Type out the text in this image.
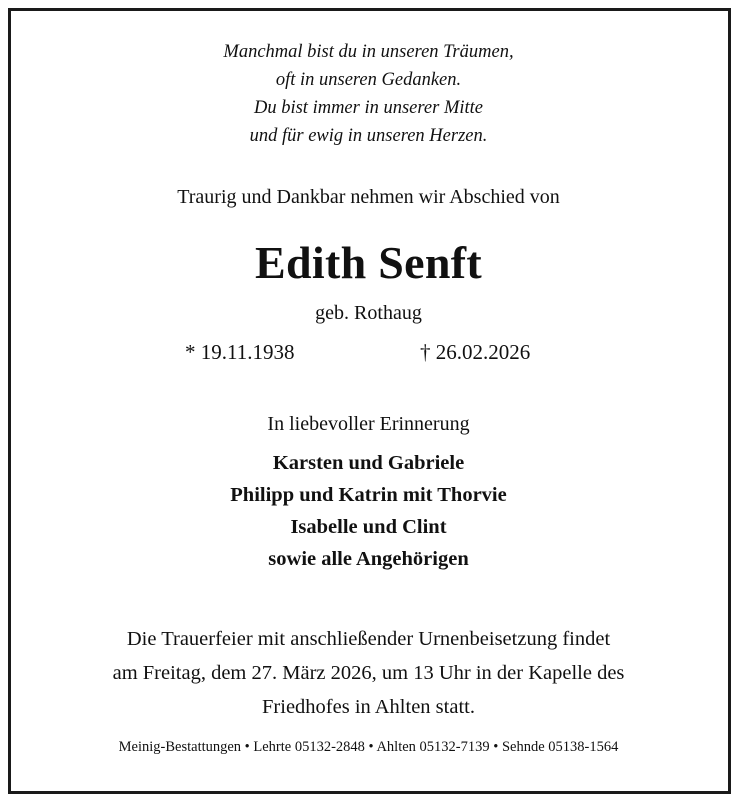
Manchmal bist du in unseren Träumen,
oft in unseren Gedanken.
Du bist immer in unserer Mitte
und für ewig in unseren Herzen.
Traurig und Dankbar nehmen wir Abschied von
Edith Senft
geb. Rothaug
* 19.11.1938	† 26.02.2026
In liebevoller Erinnerung
Karsten und Gabriele
Philipp und Katrin mit Thorvie
Isabelle und Clint
sowie alle Angehörigen
Die Trauerfeier mit anschließender Urnenbeisetzung findet
am Freitag, dem 27. März 2026, um 13 Uhr in der Kapelle des
Friedhofes in Ahlten statt.
Meinig-Bestattungen • Lehrte 05132-2848 • Ahlten 05132-7139 • Sehnde 05138-1564
